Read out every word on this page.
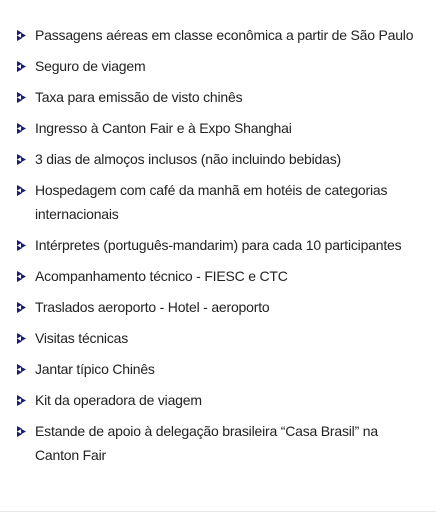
Passagens aéreas em classe econômica a partir de São Paulo
Seguro de viagem
Taxa para emissão de visto chinês
Ingresso à Canton Fair e à Expo Shanghai
3 dias de almoços inclusos (não incluindo bebidas)
Hospedagem com café da manhã em hotéis de categorias internacionais
Intérpretes (português-mandarim) para cada 10 participantes
Acompanhamento técnico - FIESC e CTC
Traslados aeroporto - Hotel - aeroporto
Visitas técnicas
Jantar típico Chinês
Kit da operadora de viagem
Estande de apoio à delegação brasileira “Casa Brasil” na Canton Fair
